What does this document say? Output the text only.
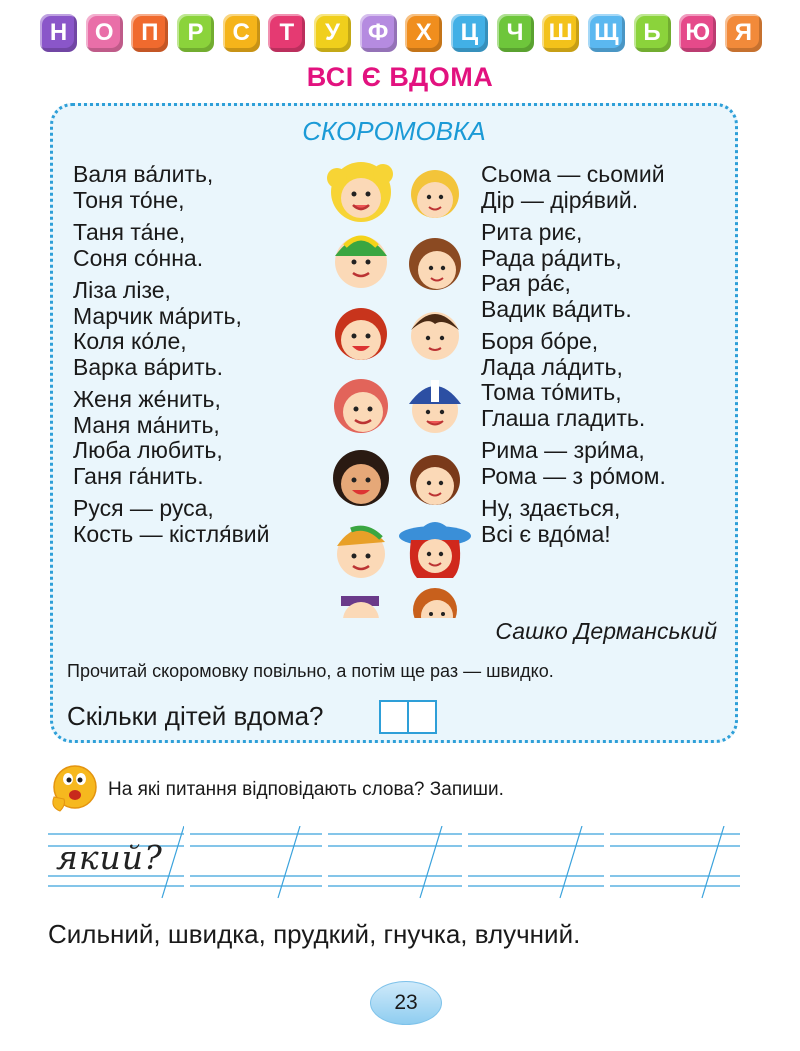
Н О П Р С Т У Ф Х Ц Ч Ш Щ Ь Ю Я
ВСІ Є ВДОМА
СКОРОМОВКА
Валя ва́лить,
Тоня то́не,
Таня та́не,
Соня со́нна.
Ліза лізе,
Марчик ма́рить,
Коля ко́ле,
Варка ва́рить.
Женя же́нить,
Маня ма́нить,
Люба любить,
Ганя га́нить.
Руся — руса,
Кость — кістля́вий
Сьома — сьомий
Дір — діря́вий.
Рита риє,
Рада ра́дить,
Рая ра́є,
Вадик ва́дить.
Боря бо́ре,
Лада ла́дить,
Тома то́мить,
Глаша гладить.
Рима — зри́ма,
Рома — з ро́мом.
Ну, здається,
Всі є вдо́ма!
Сашко Дерманський
Прочитай скоромовку повільно, а потім ще раз — швидко.
Скільки дітей вдома?
На які питання відповідають слова? Запиши.
який?
Сильний, швидка, прудкий, гнучка, влучний.
23
